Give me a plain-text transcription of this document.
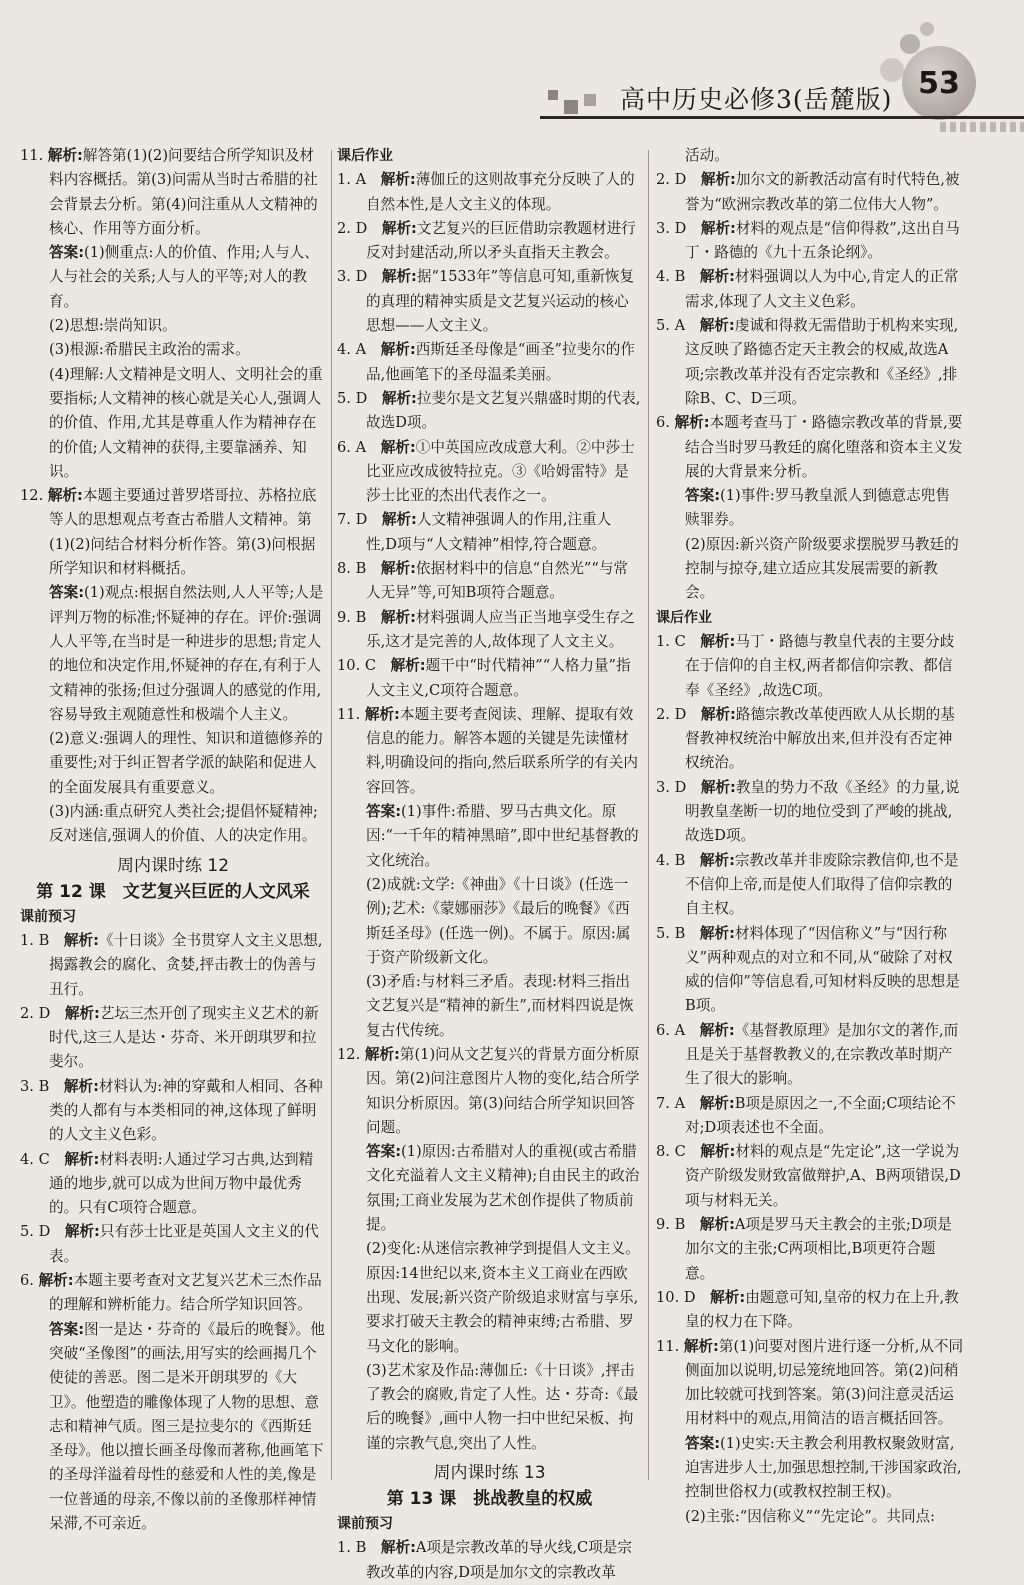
高中历史必修3(岳麓版) 53

11. 解析:解答第(1)(2)问要结合所学知识及材料内容概括。第(3)问需从当时古希腊的社会背景去分析。第(4)问注重从人文精神的核心、作用等方面分析。

答案:(1)侧重点:人的价值、作用;人与人、人与社会的关系;人与人的平等;对人的教育。

(2)思想:崇尚知识。

(3)根源:希腊民主政治的需求。

(4)理解:人文精神是文明人、文明社会的重要指标;人文精神的核心就是关心人,强调人的价值、作用,尤其是尊重人作为精神存在的价值;人文精神的获得,主要靠涵养、知识。

12. 解析:本题主要通过普罗塔哥拉、苏格拉底等人的思想观点考查古希腊人文精神。第(1)(2)问结合材料分析作答。第(3)问根据所学知识和材料概括。

答案:(1)观点:根据自然法则,人人平等;人是评判万物的标准;怀疑神的存在。评价:强调人人平等,在当时是一种进步的思想;肯定人的地位和决定作用,怀疑神的存在,有利于人文精神的张扬;但过分强调人的感觉的作用,容易导致主观随意性和极端个人主义。

(2)意义:强调人的理性、知识和道德修养的重要性;对于纠正智者学派的缺陷和促进人的全面发展具有重要意义。

(3)内涵:重点研究人类社会;提倡怀疑精神;反对迷信,强调人的价值、人的决定作用。

周内课时练 12

第 12 课　文艺复兴巨匠的人文风采

课前预习

1. B　解析:《十日谈》全书贯穿人文主义思想,揭露教会的腐化、贪婪,抨击教士的伪善与丑行。

2. D　解析:艺坛三杰开创了现实主义艺术的新时代,这三人是达・芬奇、米开朗琪罗和拉斐尔。

3. B　解析:材料认为:神的穿戴和人相同、各种类的人都有与本类相同的神,这体现了鲜明的人文主义色彩。

4. C　解析:材料表明:人通过学习古典,达到精通的地步,就可以成为世间万物中最优秀的。只有C项符合题意。

5. D　解析:只有莎士比亚是英国人文主义的代表。

6. 解析:本题主要考查对文艺复兴艺术三杰作品的理解和辨析能力。结合所学知识回答。

答案:图一是达・芬奇的《最后的晚餐》。他突破“圣像图”的画法,用写实的绘画揭几个使徒的善恶。图二是米开朗琪罗的《大卫》。他塑造的雕像体现了人物的思想、意志和精神气质。图三是拉斐尔的《西斯廷圣母》。他以擅长画圣母像而著称,他画笔下的圣母洋溢着母性的慈爱和人性的美,像是一位普通的母亲,不像以前的圣像那样神情呆滞,不可亲近。

课后作业

1. A　解析:薄伽丘的这则故事充分反映了人的自然本性,是人文主义的体现。

2. D　解析:文艺复兴的巨匠借助宗教题材进行反对封建活动,所以矛头直指天主教会。

3. D　解析:据“1533年”等信息可知,重新恢复的真理的精神实质是文艺复兴运动的核心思想——人文主义。

4. A　解析:西斯廷圣母像是“画圣”拉斐尔的作品,他画笔下的圣母温柔美丽。

5. D　解析:拉斐尔是文艺复兴鼎盛时期的代表,故选D项。

6. A　解析:①中英国应改成意大利。②中莎士比亚应改成彼特拉克。③《哈姆雷特》是莎士比亚的杰出代表作之一。

7. D　解析:人文精神强调人的作用,注重人性,D项与“人文精神”相悖,符合题意。

8. B　解析:依据材料中的信息“自然光”“与常人无异”等,可知B项符合题意。

9. B　解析:材料强调人应当正当地享受生存之乐,这才是完善的人,故体现了人文主义。

10. C　解析:题干中“时代精神”“人格力量”指人文主义,C项符合题意。

11. 解析:本题主要考查阅读、理解、提取有效信息的能力。解答本题的关键是先读懂材料,明确设问的指向,然后联系所学的有关内容回答。

答案:(1)事件:希腊、罗马古典文化。原因:“一千年的精神黑暗”,即中世纪基督教的文化统治。

(2)成就:文学:《神曲》《十日谈》(任选一例);艺术:《蒙娜丽莎》《最后的晚餐》《西斯廷圣母》(任选一例)。不属于。原因:属于资产阶级新文化。

(3)矛盾:与材料三矛盾。表现:材料三指出文艺复兴是“精神的新生”,而材料四说是恢复古代传统。

12. 解析:第(1)问从文艺复兴的背景方面分析原因。第(2)问注意图片人物的变化,结合所学知识分析原因。第(3)问结合所学知识回答问题。

答案:(1)原因:古希腊对人的重视(或古希腊文化充溢着人文主义精神);自由民主的政治氛围;工商业发展为艺术创作提供了物质前提。

(2)变化:从迷信宗教神学到提倡人文主义。原因:14世纪以来,资本主义工商业在西欧出现、发展;新兴资产阶级追求财富与享乐,要求打破天主教会的精神束缚;古希腊、罗马文化的影响。

(3)艺术家及作品:薄伽丘:《十日谈》,抨击了教会的腐败,肯定了人性。达・芬奇:《最后的晚餐》,画中人物一扫中世纪呆板、拘谨的宗教气息,突出了人性。

周内课时练 13

第 13 课　挑战教皇的权威

课前预习

1. B　解析:A项是宗教改革的导火线,C项是宗教改革的内容,D项是加尔文的宗教改革

活动。

2. D　解析:加尔文的新教活动富有时代特色,被誉为“欧洲宗教改革的第二位伟大人物”。

3. D　解析:材料的观点是“信仰得救”,这出自马丁・路德的《九十五条论纲》。

4. B　解析:材料强调以人为中心,肯定人的正常需求,体现了人文主义色彩。

5. A　解析:虔诚和得救无需借助于机构来实现,这反映了路德否定天主教会的权威,故选A项;宗教改革并没有否定宗教和《圣经》,排除B、C、D三项。

6. 解析:本题考查马丁・路德宗教改革的背景,要结合当时罗马教廷的腐化堕落和资本主义发展的大背景来分析。

答案:(1)事件:罗马教皇派人到德意志兜售赎罪券。

(2)原因:新兴资产阶级要求摆脱罗马教廷的控制与掠夺,建立适应其发展需要的新教会。

课后作业

1. C　解析:马丁・路德与教皇代表的主要分歧在于信仰的自主权,两者都信仰宗教、都信奉《圣经》,故选C项。

2. D　解析:路德宗教改革使西欧人从长期的基督教神权统治中解放出来,但并没有否定神权统治。

3. D　解析:教皇的势力不敌《圣经》的力量,说明教皇垄断一切的地位受到了严峻的挑战,故选D项。

4. B　解析:宗教改革并非废除宗教信仰,也不是不信仰上帝,而是使人们取得了信仰宗教的自主权。

5. B　解析:材料体现了“因信称义”与“因行称义”两种观点的对立和不同,从“破除了对权威的信仰”等信息看,可知材料反映的思想是B项。

6. A　解析:《基督教原理》是加尔文的著作,而且是关于基督教教义的,在宗教改革时期产生了很大的影响。

7. A　解析:B项是原因之一,不全面;C项结论不对;D项表述也不全面。

8. C　解析:材料的观点是“先定论”,这一学说为资产阶级发财致富做辩护,A、B两项错误,D项与材料无关。

9. B　解析:A项是罗马天主教会的主张;D项是加尔文的主张;C两项相比,B项更符合题意。

10. D　解析:由题意可知,皇帝的权力在上升,教皇的权力在下降。

11. 解析:第(1)问要对图片进行逐一分析,从不同侧面加以说明,切忌笼统地回答。第(2)问稍加比较就可找到答案。第(3)问注意灵活运用材料中的观点,用简洁的语言概括回答。

答案:(1)史实:天主教会利用教权聚敛财富,迫害进步人士,加强思想控制,干涉国家政治,控制世俗权力(或教权控制王权)。

(2)主张:“因信称义”“先定论”。共同点:
